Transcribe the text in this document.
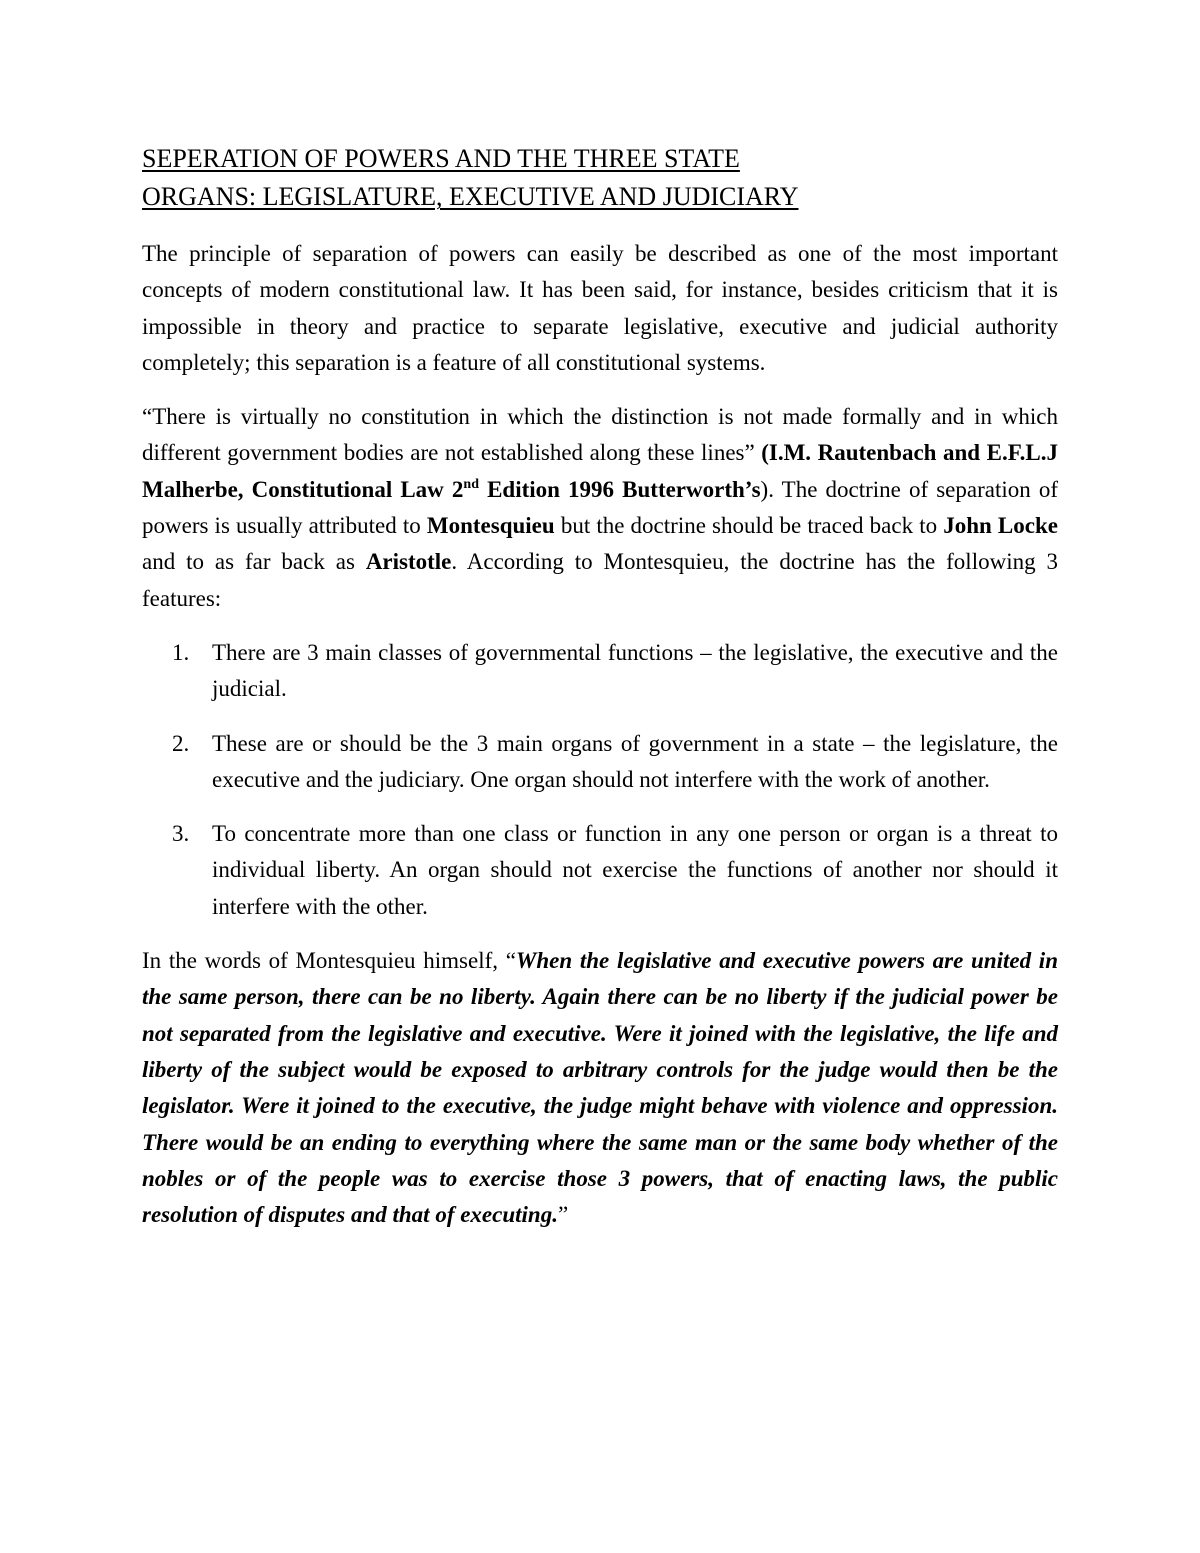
SEPERATION OF POWERS AND THE THREE STATE
ORGANS: LEGISLATURE, EXECUTIVE AND JUDICIARY

The principle of separation of powers can easily be described as one of the most important concepts of modern constitutional law. It has been said, for instance, besides criticism that it is impossible in theory and practice to separate legislative, executive and judicial authority completely; this separation is a feature of all constitutional systems.

“There is virtually no constitution in which the distinction is not made formally and in which different government bodies are not established along these lines” (I.M. Rautenbach and E.F.L.J Malherbe, Constitutional Law 2nd Edition 1996 Butterworth’s). The doctrine of separation of powers is usually attributed to Montesquieu but the doctrine should be traced back to John Locke and to as far back as Aristotle. According to Montesquieu, the doctrine has the following 3 features:

1. There are 3 main classes of governmental functions – the legislative, the executive and the judicial.
2. These are or should be the 3 main organs of government in a state – the legislature, the executive and the judiciary. One organ should not interfere with the work of another.
3. To concentrate more than one class or function in any one person or organ is a threat to individual liberty. An organ should not exercise the functions of another nor should it interfere with the other.

In the words of Montesquieu himself, “When the legislative and executive powers are united in the same person, there can be no liberty. Again there can be no liberty if the judicial power be not separated from the legislative and executive. Were it joined with the legislative, the life and liberty of the subject would be exposed to arbitrary controls for the judge would then be the legislator. Were it joined to the executive, the judge might behave with violence and oppression. There would be an ending to everything where the same man or the same body whether of the nobles or of the people was to exercise those 3 powers, that of enacting laws, the public resolution of disputes and that of executing.”
